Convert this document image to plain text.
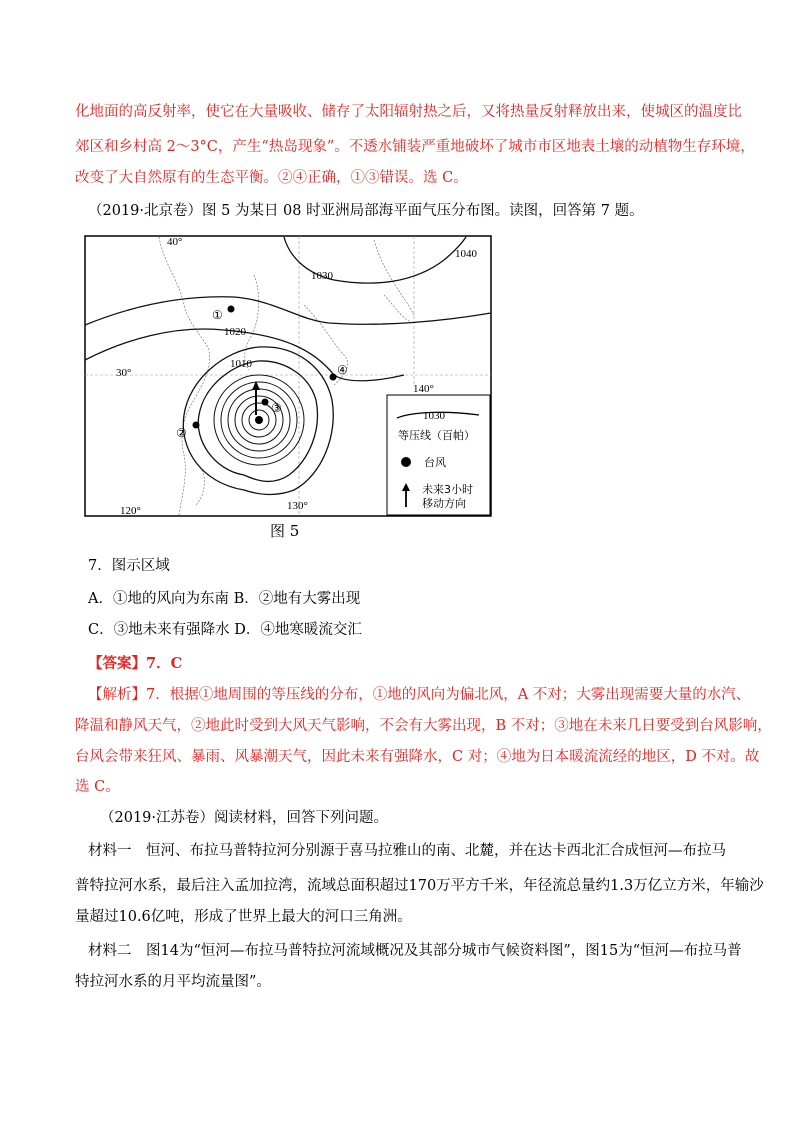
化地面的高反射率，使它在大量吸收、储存了太阳辐射热之后，又将热量反射释放出来，使城区的温度比
郊区和乡村高 2～3°C，产生“热岛现象”。不透水铺装严重地破坏了城市市区地表土壤的动植物生存环境，
改变了大自然原有的生态平衡。②④正确，①③错误。选 C。
（2019·北京卷）图 5 为某日 08 时亚洲局部海平面气压分布图。读图，回答第 7 题。
①
②
③
④
1040
1030
1020
1010
40°
30°
140°
130°
120°
1030
等压线（百帕）
台风
未来3小时
移动方向
图 5
7．图示区域
A．①地的风向为东南 B．②地有大雾出现
C．③地未来有强降水 D．④地寒暖流交汇
【答案】7．C
【解析】7．根据①地周围的等压线的分布，①地的风向为偏北风，A 不对；大雾出现需要大量的水汽、
降温和静风天气，②地此时受到大风天气影响，不会有大雾出现，B 不对；③地在未来几日要受到台风影响，
台风会带来狂风、暴雨、风暴潮天气，因此未来有强降水，C 对；④地为日本暖流流经的地区，D 不对。故
选 C。
（2019·江苏卷）阅读材料，回答下列问题。
材料一　恒河、布拉马普特拉河分别源于喜马拉雅山的南、北麓，并在达卡西北汇合成恒河—布拉马
普特拉河水系，最后注入孟加拉湾，流域总面积超过170万平方千米，年径流总量约1.3万亿立方米，年输沙
量超过10.6亿吨，形成了世界上最大的河口三角洲。
材料二　图14为“恒河—布拉马普特拉河流域概况及其部分城市气候资料图”，图15为“恒河—布拉马普
特拉河水系的月平均流量图”。
